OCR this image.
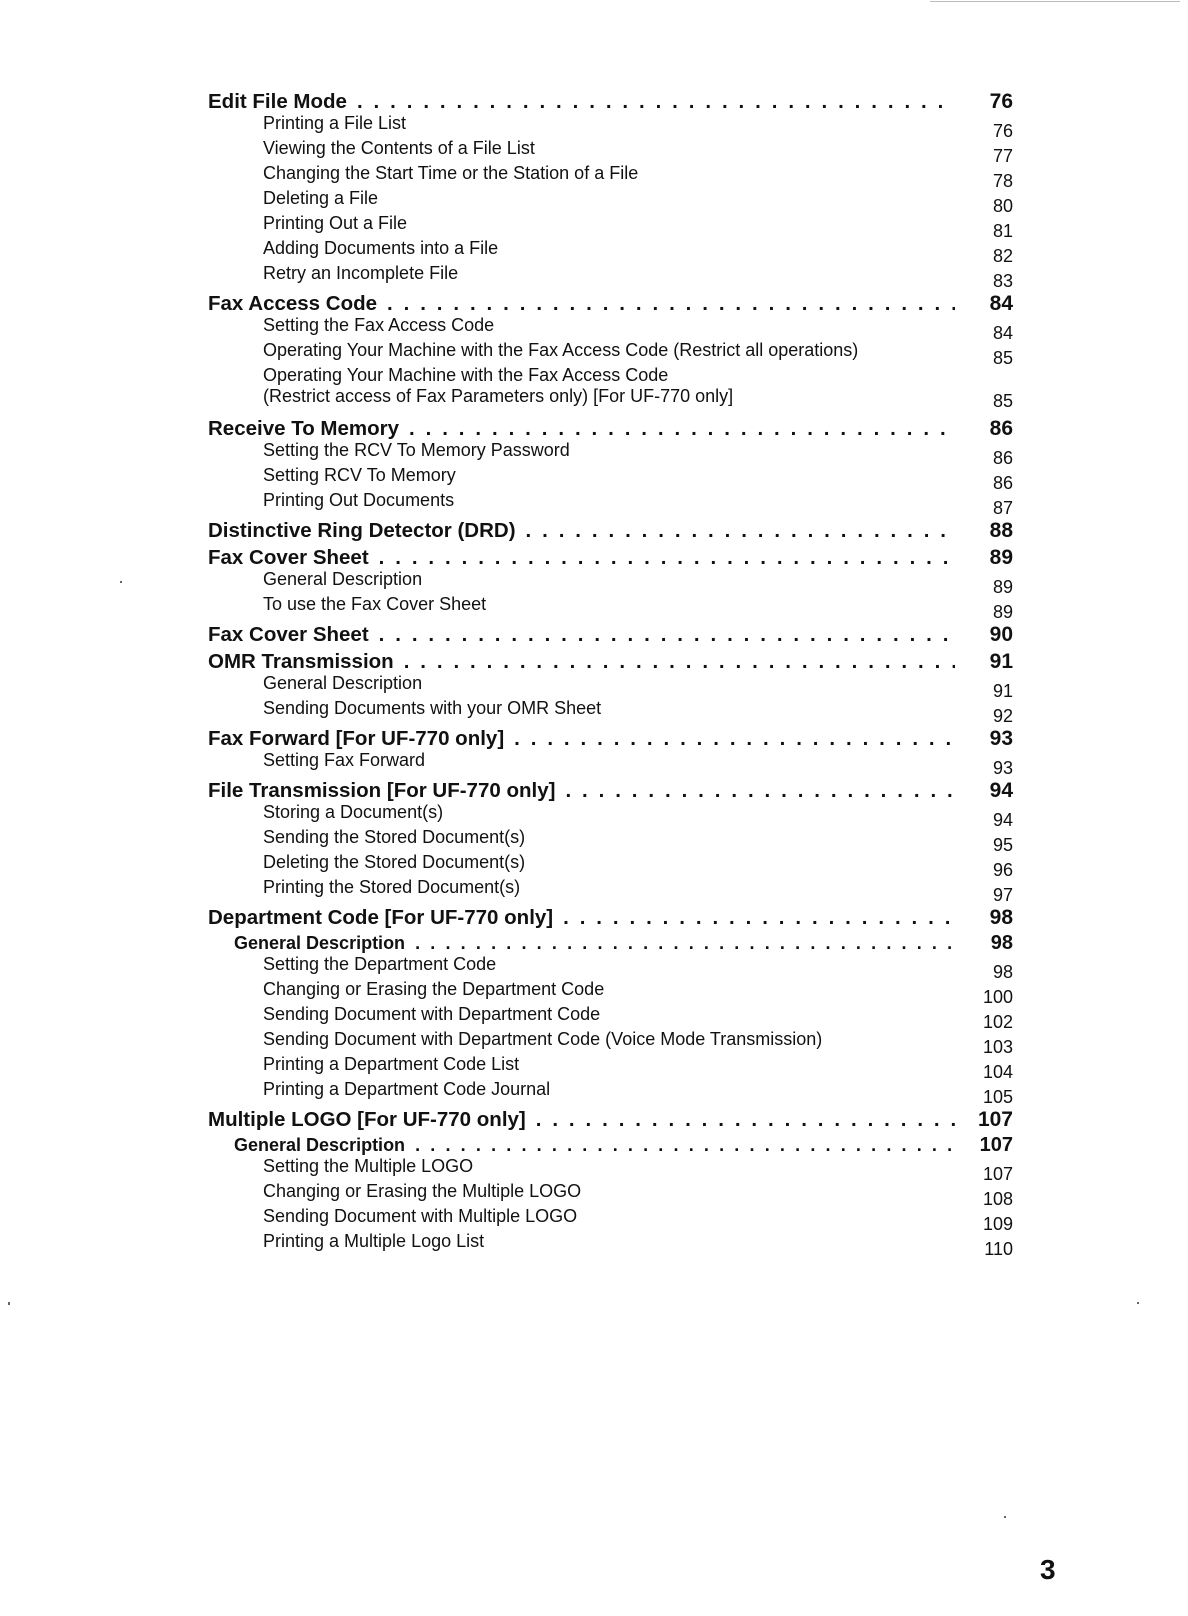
Edit File Mode . . .	76
Printing a File List	76
Viewing the Contents of a File List	77
Changing the Start Time or the Station of a File	78
Deleting a File	80
Printing Out a File	81
Adding Documents into a File	82
Retry an Incomplete File	83
Fax Access Code . . .	84
Setting the Fax Access Code	84
Operating Your Machine with the Fax Access Code (Restrict all operations)	85
Operating Your Machine with the Fax Access Code
(Restrict access of Fax Parameters only) [For UF-770 only]	85
Receive To Memory . . .	86
Setting the RCV To Memory Password	86
Setting RCV To Memory	86
Printing Out Documents	87
Distinctive Ring Detector (DRD) . . .	88
Fax Cover Sheet . . .	89
General Description	89
To use the Fax Cover Sheet	89
Fax Cover Sheet . . .	90
OMR Transmission . . .	91
General Description	91
Sending Documents with your OMR Sheet	92
Fax Forward [For UF-770 only] . . .	93
Setting Fax Forward	93
File Transmission [For UF-770 only] . . .	94
Storing a Document(s)	94
Sending the Stored Document(s)	95
Deleting the Stored Document(s)	96
Printing the Stored Document(s)	97
Department Code [For UF-770 only] . . .	98
General Description . . .	98
Setting the Department Code	98
Changing or Erasing the Department Code	100
Sending Document with Department Code	102
Sending Document with Department Code (Voice Mode Transmission)	103
Printing a Department Code List	104
Printing a Department Code Journal	105
Multiple LOGO [For UF-770 only] . . .	107
General Description . . .	107
Setting the Multiple LOGO	107
Changing or Erasing the Multiple LOGO	108
Sending Document with Multiple LOGO	109
Printing a Multiple Logo List	110
3
